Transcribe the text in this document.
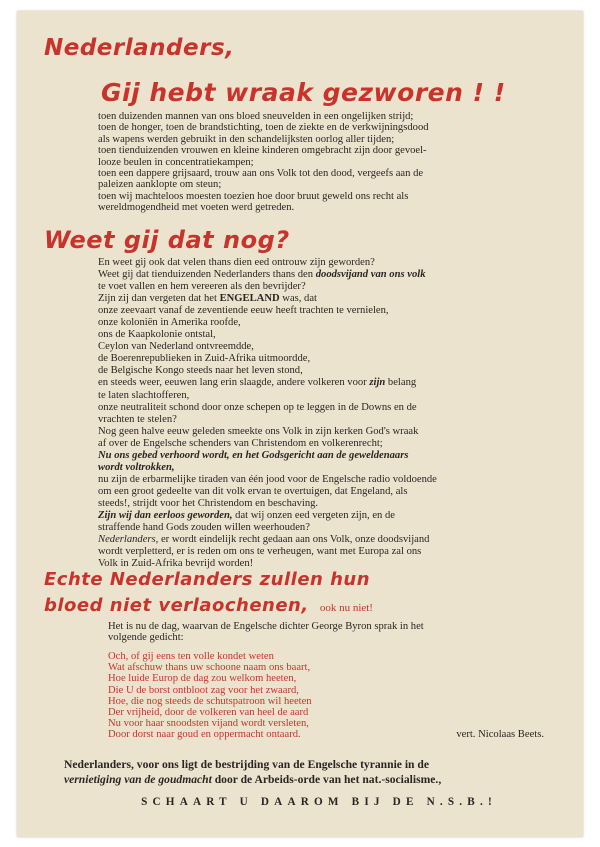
Nederlanders,
Gij hebt wraak gezworen ! !

toen duizenden mannen van ons bloed sneuvelden in een ongelijken strijd;

toen de honger, toen de brandstichting, toen de ziekte en de verkwijningsdood

als wapens werden gebruikt in den schandelijksten oorlog aller tijden;

toen tienduizenden vrouwen en kleine kinderen omgebracht zijn door gevoel-

looze beulen in concentratiekampen;

toen een dappere grijsaard, trouw aan ons Volk tot den dood, vergeefs aan de

paleizen aanklopte om steun;

toen wij machteloos moesten toezien hoe door bruut geweld ons recht als

wereldmogendheid met voeten werd getreden.

Weet gij dat nog?

En weet gij ook dat velen thans dien eed ontrouw zijn geworden?

Weet gij dat tienduizenden Nederlanders thans den doodsvijand van ons volk

te voet vallen en hem vereeren als den bevrijder?

Zijn zij dan vergeten dat het ENGELAND was, dat

onze zeevaart vanaf de zeventiende eeuw heeft trachten te vernielen,

onze koloniën in Amerika roofde,

ons de Kaapkolonie ontstal,

Ceylon van Nederland ontvreemdde,

de Boerenrepublieken in Zuid-Afrika uitmoordde,

de Belgische Kongo steeds naar het leven stond,

en steeds weer, eeuwen lang erin slaagde, andere volkeren voor zijn belang

te laten slachtofferen,

onze neutraliteit schond door onze schepen op te leggen in de Downs en de

vrachten te stelen?

Nog geen halve eeuw geleden smeekte ons Volk in zijn kerken God's wraak

af over de Engelsche schenders van Christendom en volkerenrecht;

Nu ons gebed verhoord wordt, en het Godsgericht aan de geweldenaars

wordt voltrokken,

nu zijn de erbarmelijke tiraden van één jood voor de Engelsche radio voldoende

om een groot gedeelte van dit volk ervan te overtuigen, dat Engeland, als

steeds!, strijdt voor het Christendom en beschaving.

Zijn wij dan eerloos geworden, dat wij onzen eed vergeten zijn, en de

straffende hand Gods zouden willen weerhouden?

Nederlanders, er wordt eindelijk recht gedaan aan ons Volk, onze doodsvijand

wordt verpletterd, er is reden om ons te verheugen, want met Europa zal ons

Volk in Zuid-Afrika bevrijd worden!

Echte Nederlanders zullen hun
bloed niet verlaochenen, ook nu niet!

Het is nu de dag, waarvan de Engelsche dichter George Byron sprak in het

volgende gedicht:

Och, of gij eens ten volle kondet weten

Wat afschuw thans uw schoone naam ons baart,

Hoe luide Europ de dag zou welkom heeten,

Die U de borst ontbloot zag voor het zwaard,

Hoe, die nog steeds de schutspatroon wil heeten

Der vrijheid, door de volkeren van heel de aard

Nu voor haar snoodsten vijand wordt versleten,

Door dorst naar goud en oppermacht ontaard.	vert. Nicolaas Beets.

Nederlanders, voor ons ligt de bestrijding van de Engelsche tyrannie in de

vernietiging van de goudmacht door de Arbeids-orde van het nat.-socialisme.,

SCHAART U DAAROM BIJ DE N.S.B.!
